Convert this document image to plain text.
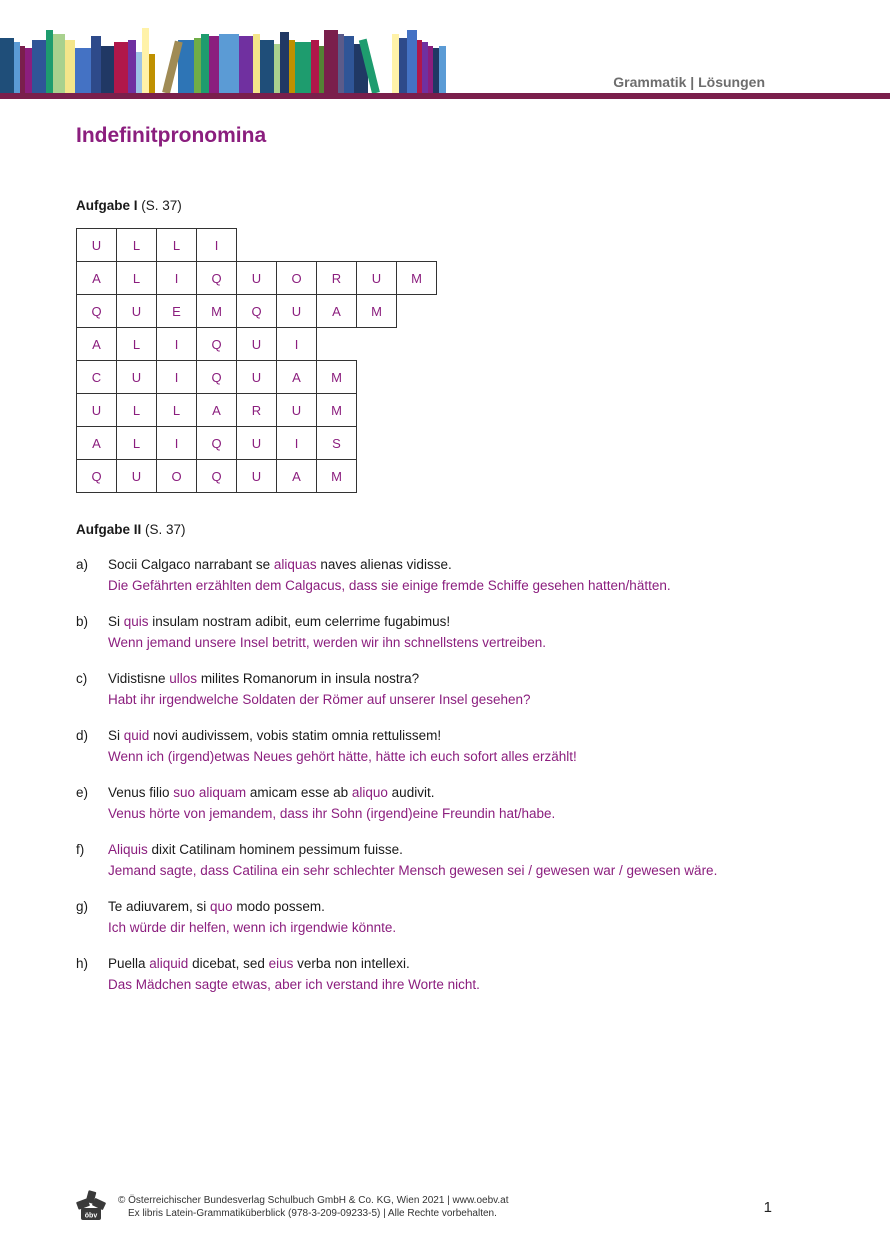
Grammatik | Lösungen
Indefinitpronomina
Aufgabe I (S. 37)
U	L	L	I
A	L	I	Q	U	O	R	U	M
Q	U	E	M	Q	U	A	M
A	L	I	Q	U	I
C	U	I	Q	U	A	M
U	L	L	A	R	U	M
A	L	I	Q	U	I	S
Q	U	O	Q	U	A	M
Aufgabe II (S. 37)
a)	Socii Calgaco narrabant se aliquas naves alienas vidisse.
Die Gefährten erzählten dem Calgacus, dass sie einige fremde Schiffe gesehen hatten/hätten.
b)	Si quis insulam nostram adibit, eum celerrime fugabimus!
Wenn jemand unsere Insel betritt, werden wir ihn schnellstens vertreiben.
c)	Vidistisne ullos milites Romanorum in insula nostra?
Habt ihr irgendwelche Soldaten der Römer auf unserer Insel gesehen?
d)	Si quid novi audivissem, vobis statim omnia rettulissem!
Wenn ich (irgend)etwas Neues gehört hätte, hätte ich euch sofort alles erzählt!
e)	Venus filio suo aliquam amicam esse ab aliquo audivit.
Venus hörte von jemandem, dass ihr Sohn (irgend)eine Freundin hat/habe.
f)	Aliquis dixit Catilinam hominem pessimum fuisse.
Jemand sagte, dass Catilina ein sehr schlechter Mensch gewesen sei / gewesen war / gewesen wäre.
g)	Te adiuvarem, si quo modo possem.
Ich würde dir helfen, wenn ich irgendwie könnte.
h)	Puella aliquid dicebat, sed eius verba non intellexi.
Das Mädchen sagte etwas, aber ich verstand ihre Worte nicht.
öbv
© Österreichischer Bundesverlag Schulbuch GmbH & Co. KG, Wien 2021 | www.oebv.at
Ex libris Latein-Grammatiküberblick (978-3-209-09233-5) | Alle Rechte vorbehalten.	1
